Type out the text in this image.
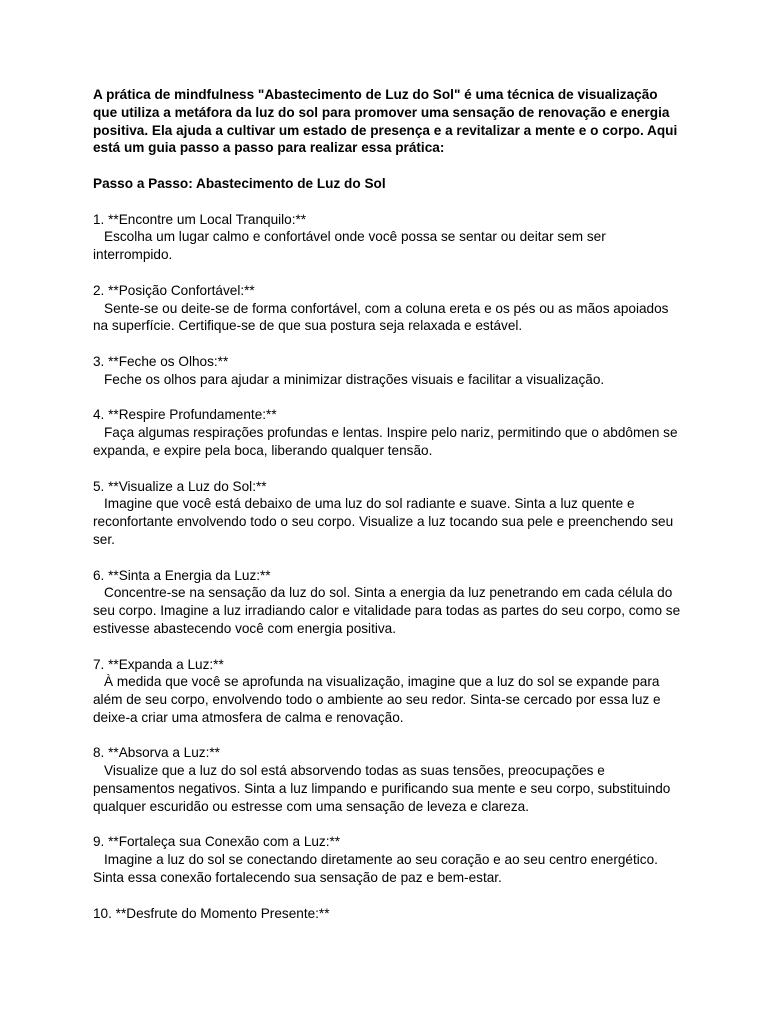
A prática de mindfulness "Abastecimento de Luz do Sol" é uma técnica de visualização que utiliza a metáfora da luz do sol para promover uma sensação de renovação e energia positiva. Ela ajuda a cultivar um estado de presença e a revitalizar a mente e o corpo. Aqui está um guia passo a passo para realizar essa prática:

Passo a Passo: Abastecimento de Luz do Sol

1. **Encontre um Local Tranquilo:**
Escolha um lugar calmo e confortável onde você possa se sentar ou deitar sem ser interrompido.
2. **Posição Confortável:**
Sente-se ou deite-se de forma confortável, com a coluna ereta e os pés ou as mãos apoiados na superfície. Certifique-se de que sua postura seja relaxada e estável.
3. **Feche os Olhos:**
Feche os olhos para ajudar a minimizar distrações visuais e facilitar a visualização.
4. **Respire Profundamente:**
Faça algumas respirações profundas e lentas. Inspire pelo nariz, permitindo que o abdômen se expanda, e expire pela boca, liberando qualquer tensão.
5. **Visualize a Luz do Sol:**
Imagine que você está debaixo de uma luz do sol radiante e suave. Sinta a luz quente e reconfortante envolvendo todo o seu corpo. Visualize a luz tocando sua pele e preenchendo seu ser.
6. **Sinta a Energia da Luz:**
Concentre-se na sensação da luz do sol. Sinta a energia da luz penetrando em cada célula do seu corpo. Imagine a luz irradiando calor e vitalidade para todas as partes do seu corpo, como se estivesse abastecendo você com energia positiva.
7. **Expanda a Luz:**
À medida que você se aprofunda na visualização, imagine que a luz do sol se expande para além de seu corpo, envolvendo todo o ambiente ao seu redor. Sinta-se cercado por essa luz e deixe-a criar uma atmosfera de calma e renovação.
8. **Absorva a Luz:**
Visualize que a luz do sol está absorvendo todas as suas tensões, preocupações e pensamentos negativos. Sinta a luz limpando e purificando sua mente e seu corpo, substituindo qualquer escuridão ou estresse com uma sensação de leveza e clareza.
9. **Fortaleça sua Conexão com a Luz:**
Imagine a luz do sol se conectando diretamente ao seu coração e ao seu centro energético. Sinta essa conexão fortalecendo sua sensação de paz e bem-estar.
10. **Desfrute do Momento Presente:**
